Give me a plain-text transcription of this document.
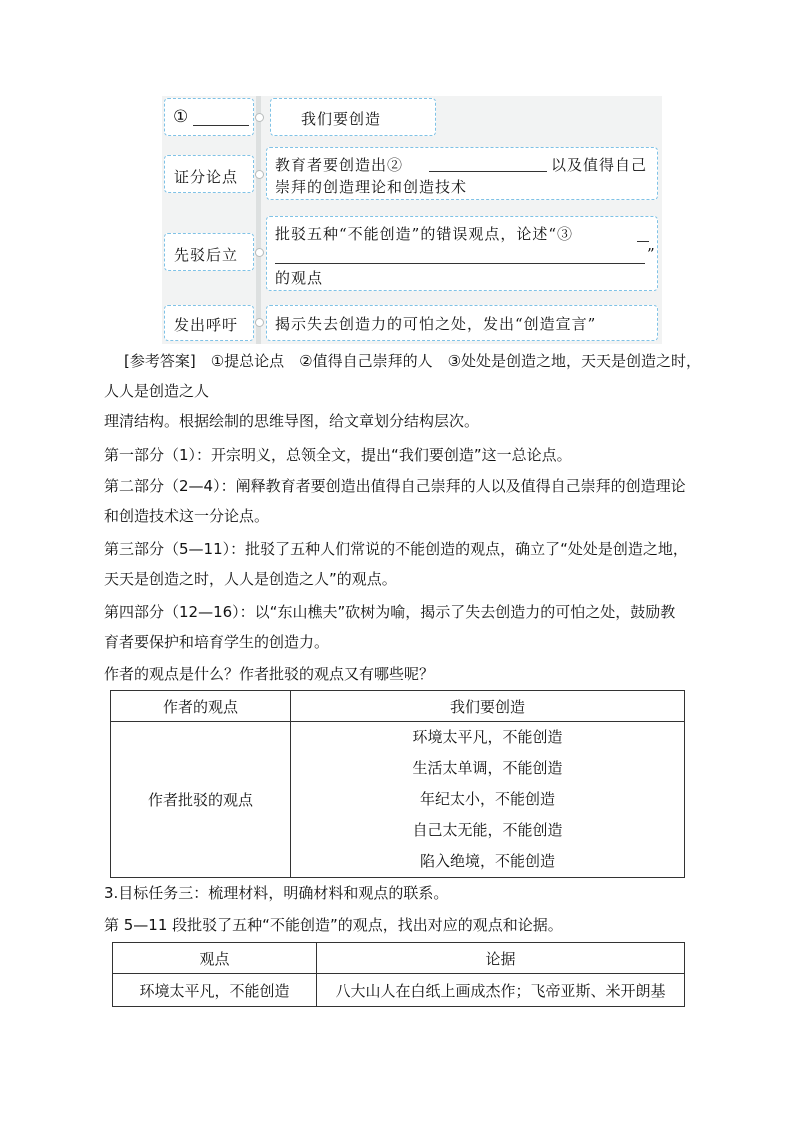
①
证分论点
先驳后立
发出呼吁
我们要创造
教育者要创造出②	以及值得自己
崇拜的创造理论和创造技术
批驳五种“不能创造”的错误观点，论述“③
”
的观点
揭示失去创造力的可怕之处，发出“创造宣言”
[参考答案]　①提总论点　②值得自己崇拜的人　③处处是创造之地，天天是创造之时，
人人是创造之人
理清结构。根据绘制的思维导图，给文章划分结构层次。
第一部分（1）：开宗明义，总领全文，提出“我们要创造”这一总论点。
第二部分（2—4）：阐释教育者要创造出值得自己崇拜的人以及值得自己崇拜的创造理论
和创造技术这一分论点。
第三部分（5—11）：批驳了五种人们常说的不能创造的观点，确立了“处处是创造之地，
天天是创造之时，人人是创造之人”的观点。
第四部分（12—16）：以“东山樵夫”砍树为喻，揭示了失去创造力的可怕之处，鼓励教
育者要保护和培育学生的创造力。
作者的观点是什么？作者批驳的观点又有哪些呢？
作者的观点	我们要创造
作者批驳的观点	环境太平凡，不能创造
生活太单调，不能创造
年纪太小，不能创造
自己太无能，不能创造
陷入绝境，不能创造
3.目标任务三：梳理材料，明确材料和观点的联系。
第 5—11 段批驳了五种“不能创造”的观点，找出对应的观点和论据。
观点	论据
环境太平凡，不能创造	八大山人在白纸上画成杰作；飞帝亚斯、米开朗基
